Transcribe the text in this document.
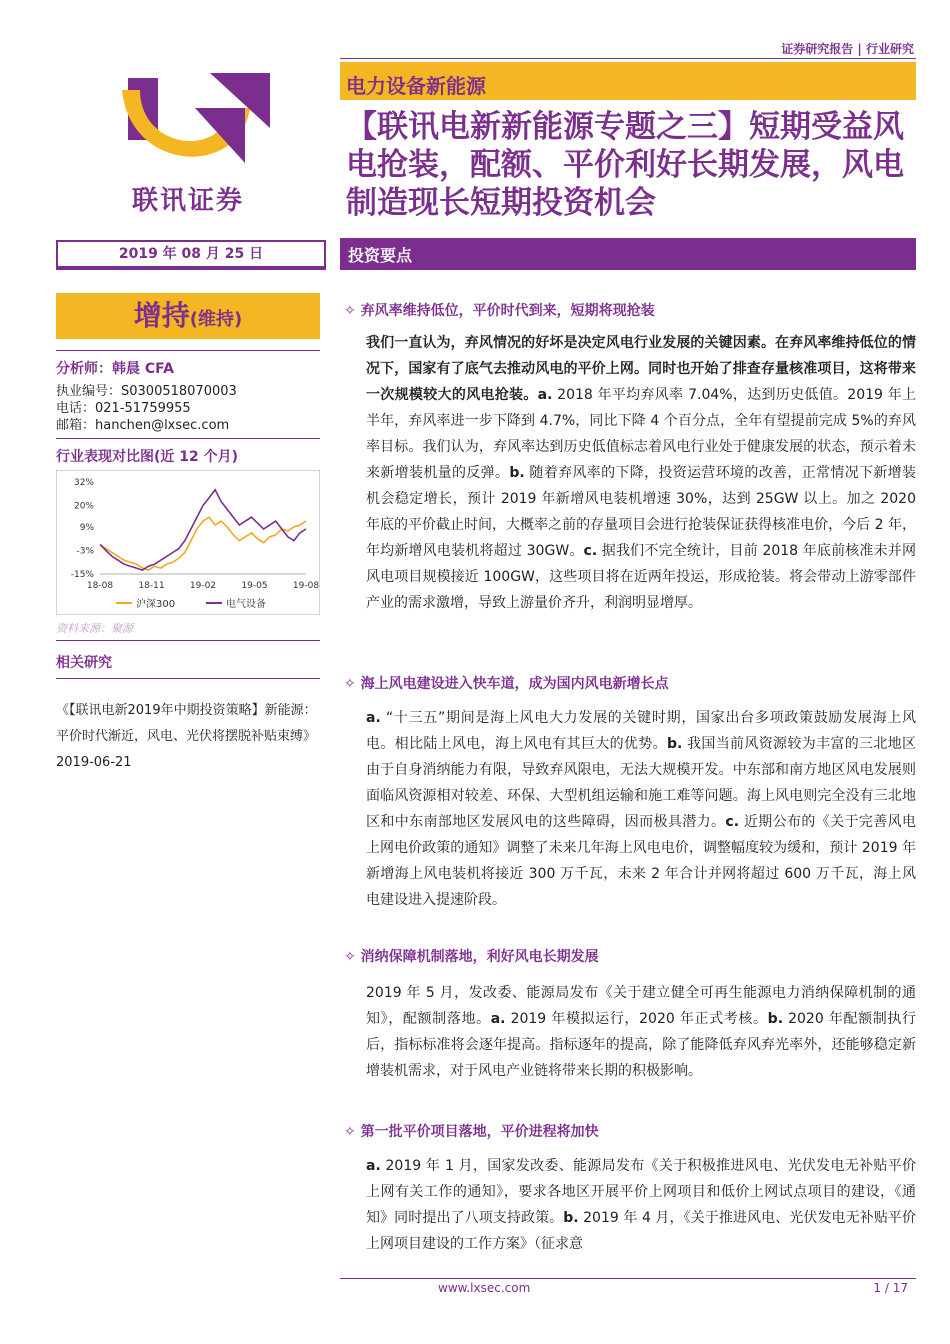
证券研究报告 | 行业研究
联讯证券
电力设备新能源
【联讯电新新能源专题之三】短期受益风电抢装，配额、平价利好长期发展，风电制造现长短期投资机会
2019 年 08 月 25 日	投资要点
增持(维持)
分析师：韩晨 CFA
执业编号：S0300518070003
电话：021-51759955
邮箱：hanchen@lxsec.com
行业表现对比图(近 12 个月)
32%
20%
9%
-3%
-15%
18-08	18-11	19-02	19-05	19-08
沪深300	电气设备
资料来源：聚源
相关研究
《【联讯电新2019年中期投资策略】新能源：平价时代渐近，风电、光伏将摆脱补贴束缚》2019-06-21
✧ 弃风率维持低位，平价时代到来，短期将现抢装
我们一直认为，弃风情况的好坏是决定风电行业发展的关键因素。在弃风率维持低位的情况下，国家有了底气去推动风电的平价上网。同时也开始了排查存量核准项目，这将带来一次规模较大的风电抢装。a. 2018 年平均弃风率 7.04%，达到历史低值。2019 年上半年，弃风率进一步下降到 4.7%，同比下降 4 个百分点，全年有望提前完成 5%的弃风率目标。我们认为，弃风率达到历史低值标志着风电行业处于健康发展的状态，预示着未来新增装机量的反弹。b. 随着弃风率的下降，投资运营环境的改善，正常情况下新增装机会稳定增长，预计 2019 年新增风电装机增速 30%，达到 25GW 以上。加之 2020 年底的平价截止时间，大概率之前的存量项目会进行抢装保证获得核准电价，今后 2 年，年均新增风电装机将超过 30GW。c. 据我们不完全统计，目前 2018 年底前核准未并网风电项目规模接近 100GW，这些项目将在近两年投运，形成抢装。将会带动上游零部件产业的需求激增，导致上游量价齐升，利润明显增厚。
✧ 海上风电建设进入快车道，成为国内风电新增长点
a. “十三五”期间是海上风电大力发展的关键时期，国家出台多项政策鼓励发展海上风电。相比陆上风电，海上风电有其巨大的优势。b. 我国当前风资源较为丰富的三北地区由于自身消纳能力有限，导致弃风限电，无法大规模开发。中东部和南方地区风电发展则面临风资源相对较差、环保、大型机组运输和施工难等问题。海上风电则完全没有三北地区和中东南部地区发展风电的这些障碍，因而极具潜力。c. 近期公布的《关于完善风电上网电价政策的通知》调整了未来几年海上风电电价，调整幅度较为缓和，预计 2019 年新增海上风电装机将接近 300 万千瓦，未来 2 年合计并网将超过 600 万千瓦，海上风电建设进入提速阶段。
✧ 消纳保障机制落地，利好风电长期发展
2019 年 5 月，发改委、能源局发布《关于建立健全可再生能源电力消纳保障机制的通知》，配额制落地。a. 2019 年模拟运行，2020 年正式考核。b. 2020 年配额制执行后，指标标准将会逐年提高。指标逐年的提高，除了能降低弃风弃光率外，还能够稳定新增装机需求，对于风电产业链将带来长期的积极影响。
✧ 第一批平价项目落地，平价进程将加快
a. 2019 年 1 月，国家发改委、能源局发布《关于积极推进风电、光伏发电无补贴平价上网有关工作的通知》，要求各地区开展平价上网项目和低价上网试点项目的建设，《通知》同时提出了八项支持政策。b. 2019 年 4 月，《关于推进风电、光伏发电无补贴平价上网项目建设的工作方案》（征求意
www.lxsec.com	1 / 17
